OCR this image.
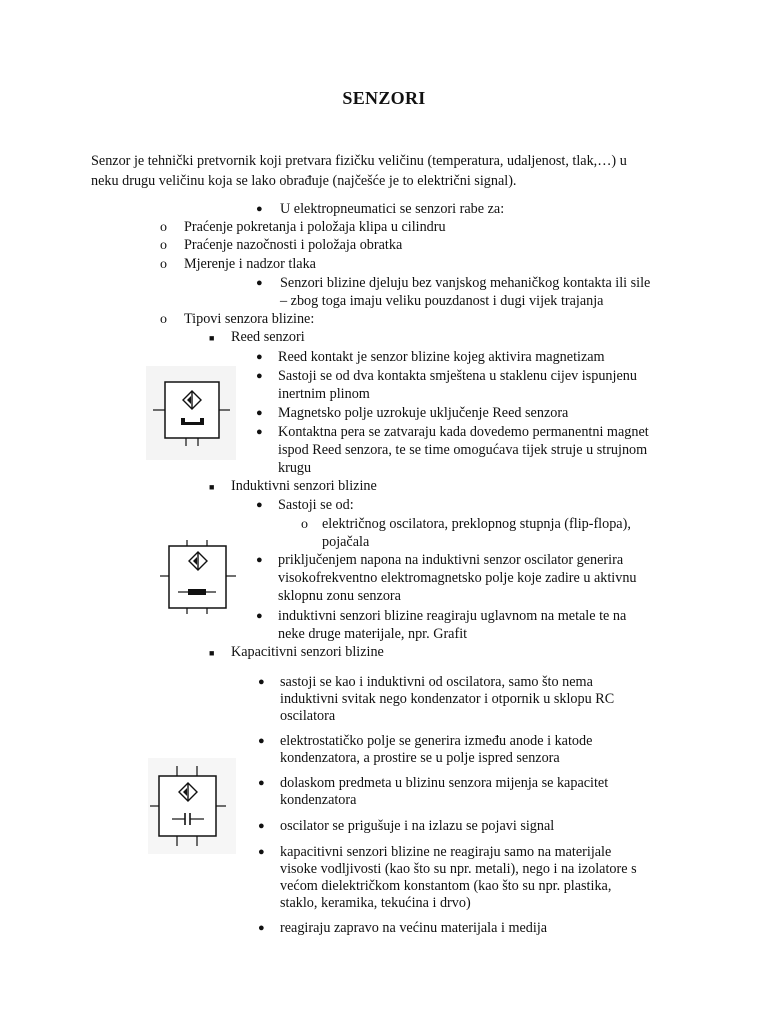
SENZORI
Senzor je tehnički pretvornik koji pretvara fizičku veličinu (temperatura, udaljenost, tlak,…) u
neku drugu veličinu koja se lako obrađuje (najčešće je to električni signal).
● U elektropneumatici se senzori rabe za:
o Praćenje pokretanja i položaja klipa u cilindru
o Praćenje nazočnosti i položaja obratka
o Mjerenje i nadzor tlaka
● Senzori blizine djeluju bez vanjskog mehaničkog kontakta ili sile
– zbog toga imaju veliku pouzdanost i dugi vijek trajanja
o Tipovi senzora blizine:
■ Reed senzori
● Reed kontakt je senzor blizine kojeg aktivira magnetizam
● Sastoji se od dva kontakta smještena u staklenu cijev ispunjenu
inertnim plinom
● Magnetsko polje uzrokuje uključenje Reed senzora
● Kontaktna pera se zatvaraju kada dovedemo permanentni magnet
ispod Reed senzora, te se time omogućava tijek struje u strujnom
krugu
■ Induktivni senzori blizine
● Sastoji se od:
o električnog oscilatora, preklopnog stupnja (flip-flopa),
pojačala
● priključenjem napona na induktivni senzor oscilator generira
visokofrekventno elektromagnetsko polje koje zadire u aktivnu
sklopnu zonu senzora
● induktivni senzori blizine reagiraju uglavnom na metale te na
neke druge materijale, npr. Grafit
■ Kapacitivni senzori blizine
● sastoji se kao i induktivni od oscilatora, samo što nema
induktivni svitak nego kondenzator i otpornik u sklopu RC
oscilatora
● elektrostatičko polje se generira između anode i katode
kondenzatora, a prostire se u polje ispred senzora
● dolaskom predmeta u blizinu senzora mijenja se kapacitet
kondenzatora
● oscilator se prigušuje i na izlazu se pojavi signal
● kapacitivni senzori blizine ne reagiraju samo na materijale
visoke vodljivosti (kao što su npr. metali), nego i na izolatore s
većom dielektričkom konstantom (kao što su npr. plastika,
staklo, keramika, tekućina i drvo)
● reagiraju zapravo na većinu materijala i medija
